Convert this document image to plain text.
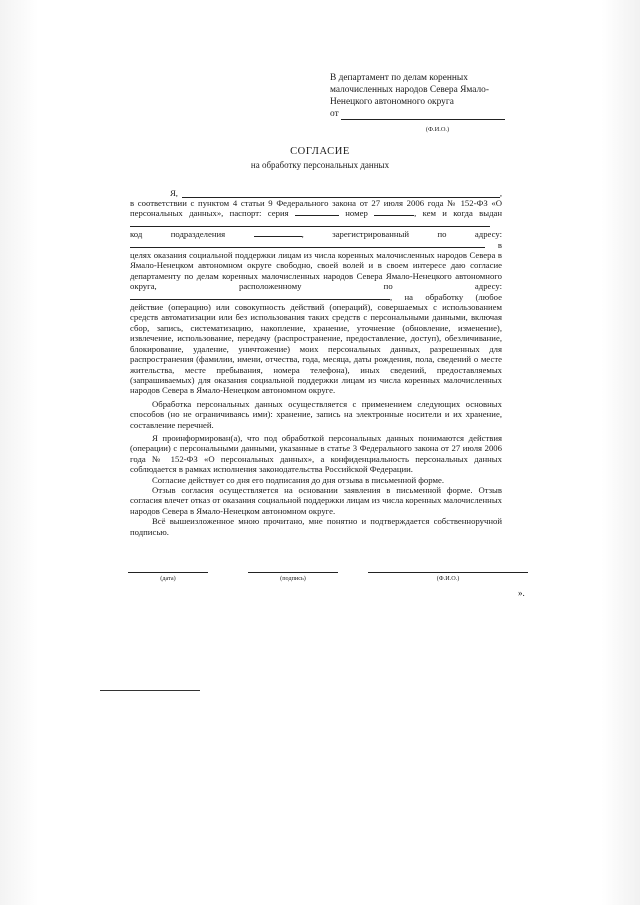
В департамент по делам коренных
малочисленных народов Севера Ямало-
Ненецкого автономного округа
от
(Ф.И.О.)
СОГЛАСИЕ
на обработку персональных данных
Я,	,

в соответствии с пунктом 4 статьи 9 Федерального закона от 27 июля 2006 года № 152-ФЗ «О персональных данных», паспорт: серия	номер	, кем и когда выдан  код подразделения	, зарегистрированный по адресу:  в целях оказания социальной поддержки лицам из числа коренных малочисленных народов Севера в Ямало-Ненецком автономном округе свободно, своей волей и в своем интересе даю согласие департаменту по делам коренных малочисленных народов Севера Ямало-Ненецкого автономного округа, расположенному по адресу: , на обработку (любое действие (операцию) или совокупность действий (операций), совершаемых с использованием средств автоматизации или без использования таких средств с персональными данными, включая сбор, запись, систематизацию, накопление, хранение, уточнение (обновление, изменение), извлечение, использование, передачу (распространение, предоставление, доступ), обезличивание, блокирование, удаление, уничтожение) моих персональных данных, разрешенных для распространения (фамилии, имени, отчества, года, месяца, даты рождения, пола, сведений о месте жительства, месте пребывания, номера телефона), иных сведений, предоставляемых (запрашиваемых) для оказания социальной поддержки лицам из числа коренных малочисленных народов Севера в Ямало-Ненецком автономном округе.

Обработка персональных данных осуществляется с применением следующих основных способов (но не ограничиваясь ими): хранение, запись на электронные носители и их хранение, составление перечней.

Я проинформирован(а), что под обработкой персональных данных понимаются действия (операции) с персональными данными, указанные в статье 3 Федерального закона от 27 июля 2006 года № 152-ФЗ «О персональных данных», а конфиденциальность персональных данных соблюдается в рамках исполнения законодательства Российской Федерации.

Согласие действует со дня его подписания до дня отзыва в письменной форме.

Отзыв согласия осуществляется на основании заявления в письменной форме. Отзыв согласия влечет отказ от оказания социальной поддержки лицам из числа коренных малочисленных народов Севера в Ямало-Ненецком автономном округе.

Всё вышеизложенное мною прочитано, мне понятно и подтверждается собственноручной подписью.

(дата)	(подпись)	(Ф.И.О.)
».
